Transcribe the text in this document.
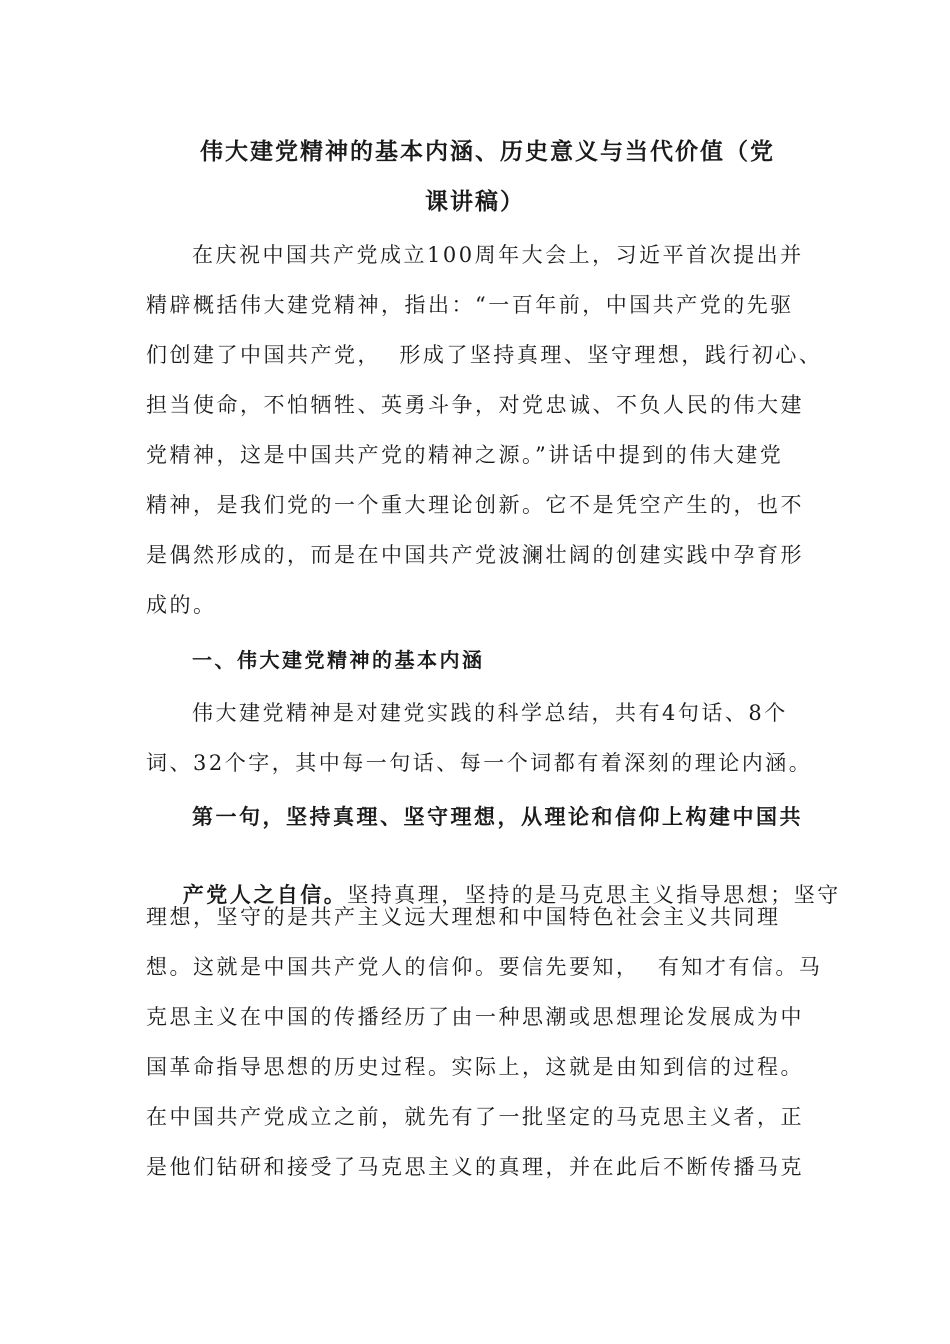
伟大建党精神的基本内涵、历史意义与当代价值（党
课讲稿）
在庆祝中国共产党成立100周年大会上，习近平首次提出并
精辟概括伟大建党精神，指出：“一百年前，中国共产党的先驱
们创建了中国共产党，  形成了坚持真理、坚守理想，践行初心、
担当使命，不怕牺牲、英勇斗争，对党忠诚、不负人民的伟大建
党精神，这是中国共产党的精神之源。”讲话中提到的伟大建党
精神，是我们党的一个重大理论创新。它不是凭空产生的，也不
是偶然形成的，而是在中国共产党波澜壮阔的创建实践中孕育形
成的。
一、伟大建党精神的基本内涵
伟大建党精神是对建党实践的科学总结，共有4句话、8个
词、32个字，其中每一句话、每一个词都有着深刻的理论内涵。
第一句，坚持真理、坚守理想，从理论和信仰上构建中国共

产党人之自信。坚持真理，坚持的是马克思主义指导思想；坚守

理想，坚守的是共产主义远大理想和中国特色社会主义共同理
想。这就是中国共产党人的信仰。要信先要知，  有知才有信。马
克思主义在中国的传播经历了由一种思潮或思想理论发展成为中
国革命指导思想的历史过程。实际上，这就是由知到信的过程。
在中国共产党成立之前，就先有了一批坚定的马克思主义者，正
是他们钻研和接受了马克思主义的真理，并在此后不断传播马克
